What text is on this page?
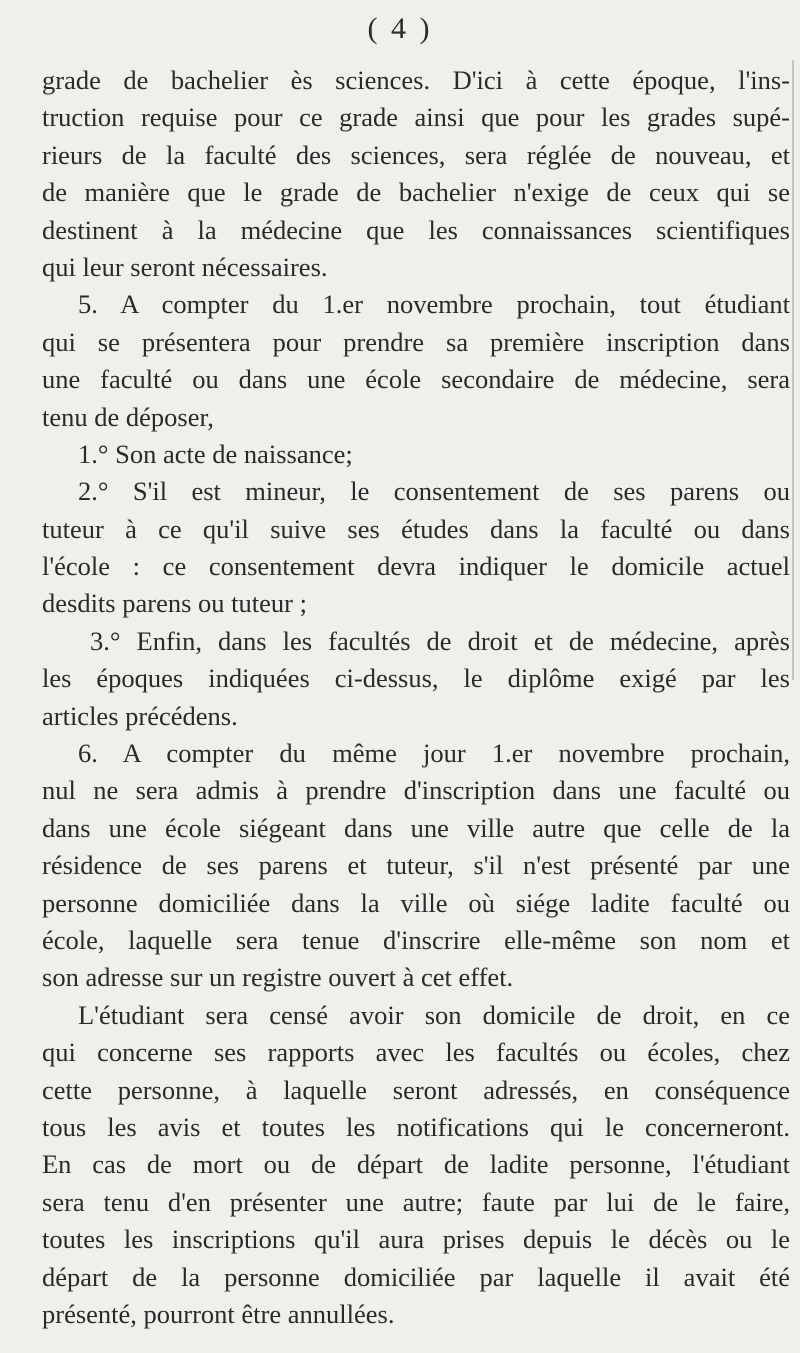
( 4 )
grade de bachelier ès sciences. D'ici à cette époque, l'ins-
truction requise pour ce grade ainsi que pour les grades supé-
rieurs de la faculté des sciences, sera réglée de nouveau, et
de manière que le grade de bachelier n'exige de ceux qui se
destinent à la médecine que les connaissances scientifiques
qui leur seront nécessaires.
5. A compter du 1.er novembre prochain, tout étudiant
qui se présentera pour prendre sa première inscription dans
une faculté ou dans une école secondaire de médecine, sera
tenu de déposer,
1.° Son acte de naissance;
2.° S'il est mineur, le consentement de ses parens ou
tuteur à ce qu'il suive ses études dans la faculté ou dans
l'école : ce consentement devra indiquer le domicile actuel
desdits parens ou tuteur ;
3.° Enfin, dans les facultés de droit et de médecine, après
les époques indiquées ci-dessus, le diplôme exigé par les
articles précédens.
6. A compter du même jour 1.er novembre prochain,
nul ne sera admis à prendre d'inscription dans une faculté ou
dans une école siégeant dans une ville autre que celle de la
résidence de ses parens et tuteur, s'il n'est présenté par une
personne domiciliée dans la ville où siége ladite faculté ou
école, laquelle sera tenue d'inscrire elle-même son nom et
son adresse sur un registre ouvert à cet effet.
L'étudiant sera censé avoir son domicile de droit, en ce
qui concerne ses rapports avec les facultés ou écoles, chez
cette personne, à laquelle seront adressés, en conséquence
tous les avis et toutes les notifications qui le concerneront.
En cas de mort ou de départ de ladite personne, l'étudiant
sera tenu d'en présenter une autre; faute par lui de le faire,
toutes les inscriptions qu'il aura prises depuis le décès ou le
départ de la personne domiciliée par laquelle il avait été
présenté, pourront être annullées.
